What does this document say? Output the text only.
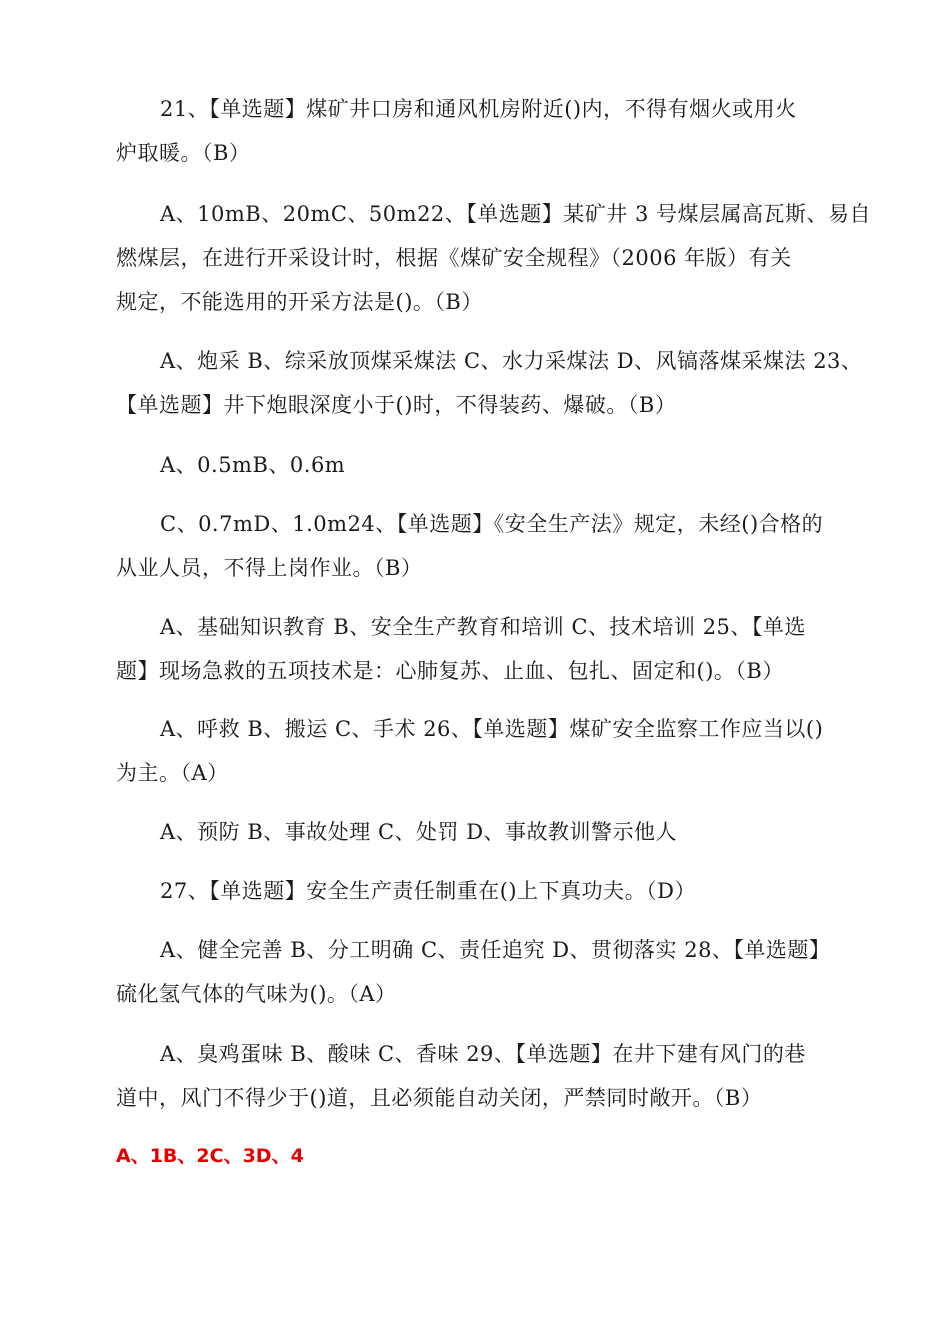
21、【单选题】煤矿井口房和通风机房附近()内，不得有烟火或用火
炉取暖。（B）

A、10mB、20mC、50m22、【单选题】某矿井 3 号煤层属高瓦斯、易自
燃煤层，在进行开采设计时，根据《煤矿安全规程》（2006 年版）有关
规定，不能选用的开采方法是()。（B）

A、炮采 B、综采放顶煤采煤法 C、水力采煤法 D、风镐落煤采煤法 23、
【单选题】井下炮眼深度小于()时，不得装药、爆破。（B）

A、0.5mB、0.6m

C、0.7mD、1.0m24、【单选题】《安全生产法》规定，未经()合格的
从业人员，不得上岗作业。（B）

A、基础知识教育 B、安全生产教育和培训 C、技术培训 25、【单选
题】现场急救的五项技术是：心肺复苏、止血、包扎、固定和()。（B）

A、呼救 B、搬运 C、手术 26、【单选题】煤矿安全监察工作应当以()
为主。（A）

A、预防 B、事故处理 C、处罚 D、事故教训警示他人

27、【单选题】安全生产责任制重在()上下真功夫。（D）

A、健全完善 B、分工明确 C、责任追究 D、贯彻落实 28、【单选题】
硫化氢气体的气味为()。（A）

A、臭鸡蛋味 B、酸味 C、香味 29、【单选题】在井下建有风门的巷
道中，风门不得少于()道，且必须能自动关闭，严禁同时敞开。（B）

A、1B、2C、3D、4
